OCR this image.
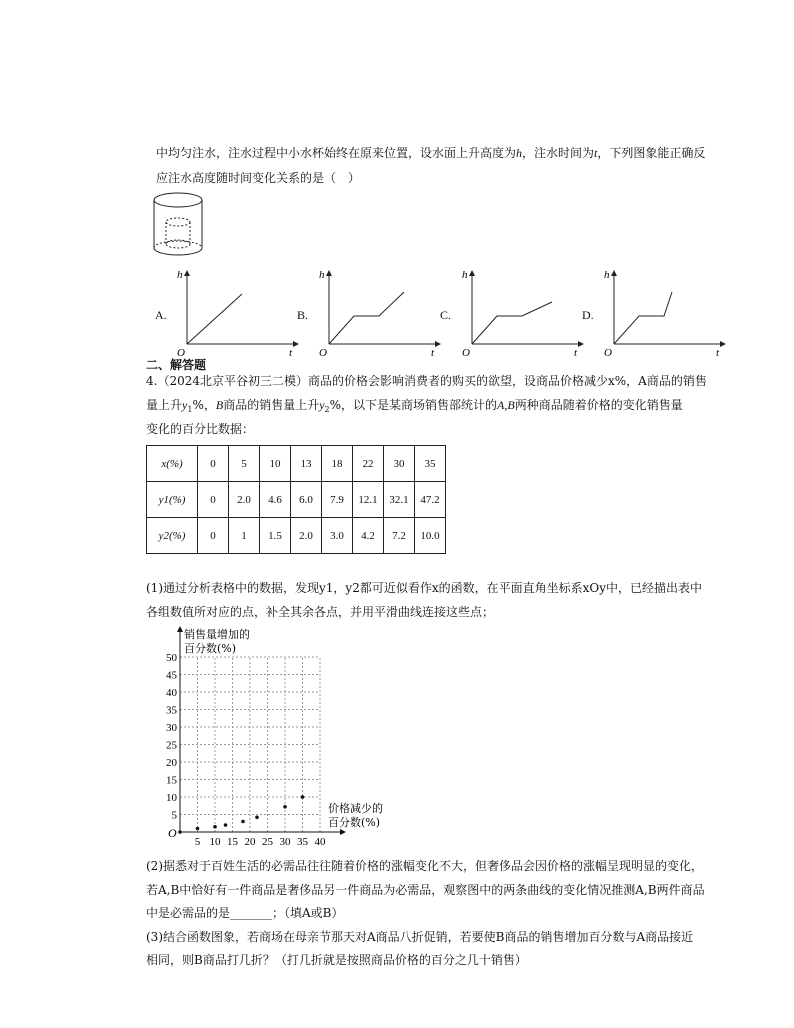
中均匀注水，注水过程中小水杯始终在原来位置，设水面上升高度为h，注水时间为t，下列图象能正确反
应注水高度随时间变化关系的是（　）
A.
h
t
O
B.
h
t
O
C.
h
t
O
D.
h
t
O
二、解答题
4.（2024北京平谷初三二模）商品的价格会影响消费者的购买的欲望，设商品价格减少x%，A商品的销售
量上升$y_1\%$，B商品的销售量上升$y_2\%$，以下是某商场销售部统计的A,B两种商品随着价格的变化销售量
变化的百分比数据：
x(%)	0	5	10	13	18	22	30	35
y1(%)	0	2.0	4.6	6.0	7.9	12.1	32.1	47.2
y2(%)	0	1	1.5	2.0	3.0	4.2	7.2	10.0
(1)通过分析表格中的数据，发现y1，y2都可近似看作x的函数，在平面直角坐标系xOy中，已经描出表中
各组数值所对应的点，补全其余各点，并用平滑曲线连接这些点；
5 10 15 20 25 30 35 40
5
10
15
20
25
30
35
40
45
50
O
销售量增加的
百分数(%)
价格减少的
百分数(%)
(2)据悉对于百姓生活的必需品往往随着价格的涨幅变化不大，但奢侈品会因价格的涨幅呈现明显的变化，
若A,B中恰好有一件商品是奢侈品另一件商品为必需品，观察图中的两条曲线的变化情况推测A,B两件商品
中是必需品的是_______；（填A或B）
(3)结合函数图象，若商场在母亲节那天对A商品八折促销，若要使B商品的销售增加百分数与A商品接近
相同，则B商品打几折？（打几折就是按照商品价格的百分之几十销售）
